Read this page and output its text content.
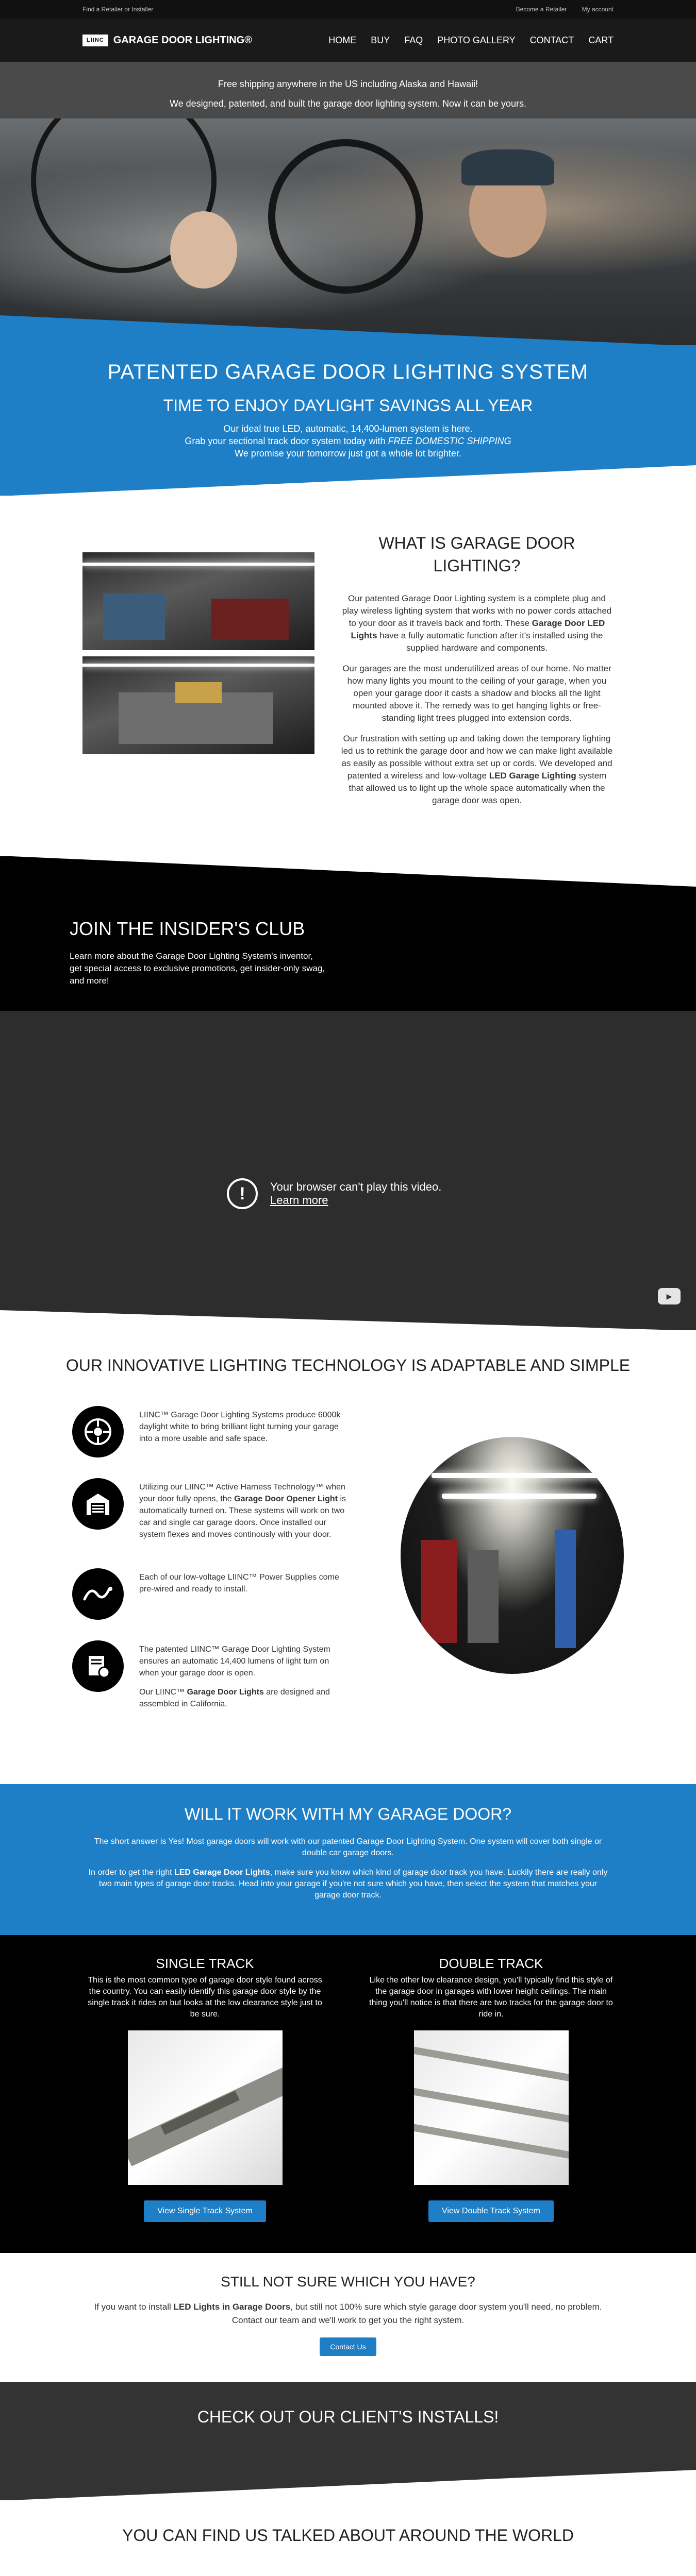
Find a Retailer or Installer	Become a Retailer My account
LIINC GARAGE DOOR LIGHTING®	HOME BUY FAQ PHOTO GALLERY CONTACT CART
Free shipping anywhere in the US including Alaska and Hawaii!
We designed, patented, and built the garage door lighting system. Now it can be yours.
PATENTED GARAGE DOOR LIGHTING SYSTEM
TIME TO ENJOY DAYLIGHT SAVINGS ALL YEAR

Our ideal true LED, automatic, 14,400-lumen system is here.

Grab your sectional track door system today with FREE DOMESTIC SHIPPING

We promise your tomorrow just got a whole lot brighter.

WHAT IS GARAGE DOOR LIGHTING?

Our patented Garage Door Lighting system is a complete plug and play wireless lighting system that works with no power cords attached to your door as it travels back and forth. These Garage Door LED Lights have a fully automatic function after it's installed using the supplied hardware and components.

Our garages are the most underutilized areas of our home. No matter how many lights you mount to the ceiling of your garage, when you open your garage door it casts a shadow and blocks all the light mounted above it. The remedy was to get hanging lights or free-standing light trees plugged into extension cords.

Our frustration with setting up and taking down the temporary lighting led us to rethink the garage door and how we can make light available as easily as possible without extra set up or cords. We developed and patented a wireless and low-voltage LED Garage Lighting system that allowed us to light up the whole space automatically when the garage door was open.

JOIN THE INSIDER'S CLUB

Learn more about the Garage Door Lighting System's inventor, get special access to exclusive promotions, get insider-only swag, and more!

!	Your browser can't play this video.
Learn more
▶
OUR INNOVATIVE LIGHTING TECHNOLOGY IS ADAPTABLE AND SIMPLE

LIINC™ Garage Door Lighting Systems produce 6000k daylight white to bring brilliant light turning your garage into a more usable and safe space.

Utilizing our LIINC™ Active Harness Technology™ when your door fully opens, the Garage Door Opener Light is automatically turned on. These systems will work on two car and single car garage doors. Once installed our system flexes and moves continously with your door.

Each of our low-voltage LIINC™ Power Supplies come pre-wired and ready to install.

The patented LIINC™ Garage Door Lighting System ensures an automatic 14,400 lumens of light turn on when your garage door is open.

Our LIINC™ Garage Door Lights are designed and assembled in California.

WILL IT WORK WITH MY GARAGE DOOR?

The short answer is Yes! Most garage doors will work with our patented Garage Door Lighting System. One system will cover both single or double car garage doors.

In order to get the right LED Garage Door Lights, make sure you know which kind of garage door track you have. Luckily there are really only two main types of garage door tracks. Head into your garage if you're not sure which you have, then select the system that matches your garage door track.

SINGLE TRACK

This is the most common type of garage door style found across the country. You can easily identify this garage door style by the single track it rides on but looks at the low clearance style just to be sure.

View Single Track System
DOUBLE TRACK

Like the other low clearance design, you'll typically find this style of the garage door in garages with lower height ceilings. The main thing you'll notice is that there are two tracks for the garage door to ride in.

View Double Track System
STILL NOT SURE WHICH YOU HAVE?

If you want to install LED Lights in Garage Doors, but still not 100% sure which style garage door system you'll need, no problem.

Contact our team and we'll work to get you the right system.

Contact Us
CHECK OUT OUR CLIENT'S INSTALLS!
YOU CAN FIND US TALKED ABOUT AROUND THE WORLD
